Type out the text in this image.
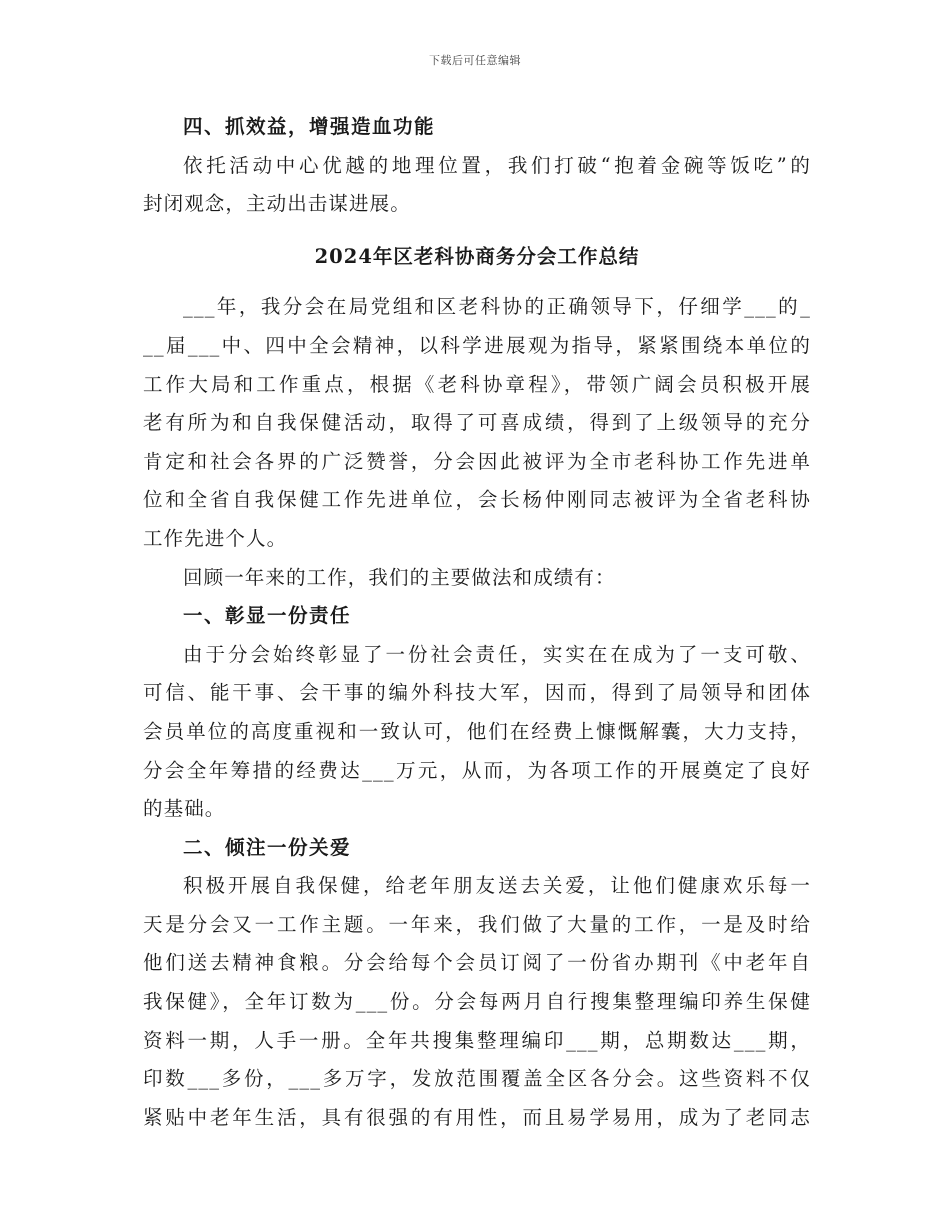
下载后可任意编辑
四、抓效益，增强造血功能
依托活动中心优越的地理位置，我们打破“抱着金碗等饭吃”的
封闭观念，主动出击谋进展。
2024年区老科协商务分会工作总结
___年，我分会在局党组和区老科协的正确领导下，仔细学___的_
__届___中、四中全会精神，以科学进展观为指导，紧紧围绕本单位的
工作大局和工作重点，根据《老科协章程》，带领广阔会员积极开展
老有所为和自我保健活动，取得了可喜成绩，得到了上级领导的充分
肯定和社会各界的广泛赞誉，分会因此被评为全市老科协工作先进单
位和全省自我保健工作先进单位，会长杨仲刚同志被评为全省老科协
工作先进个人。
回顾一年来的工作，我们的主要做法和成绩有：
一、彰显一份责任
由于分会始终彰显了一份社会责任，实实在在成为了一支可敬、
可信、能干事、会干事的编外科技大军，因而，得到了局领导和团体
会员单位的高度重视和一致认可，他们在经费上慷慨解囊，大力支持，
分会全年筹措的经费达___万元，从而，为各项工作的开展奠定了良好
的基础。
二、倾注一份关爱
积极开展自我保健，给老年朋友送去关爱，让他们健康欢乐每一
天是分会又一工作主题。一年来，我们做了大量的工作，一是及时给
他们送去精神食粮。分会给每个会员订阅了一份省办期刊《中老年自
我保健》，全年订数为___份。分会每两月自行搜集整理编印养生保健
资料一期，人手一册。全年共搜集整理编印___期，总期数达___期，
印数___多份，___多万字，发放范围覆盖全区各分会。这些资料不仅
紧贴中老年生活，具有很强的有用性，而且易学易用，成为了老同志
